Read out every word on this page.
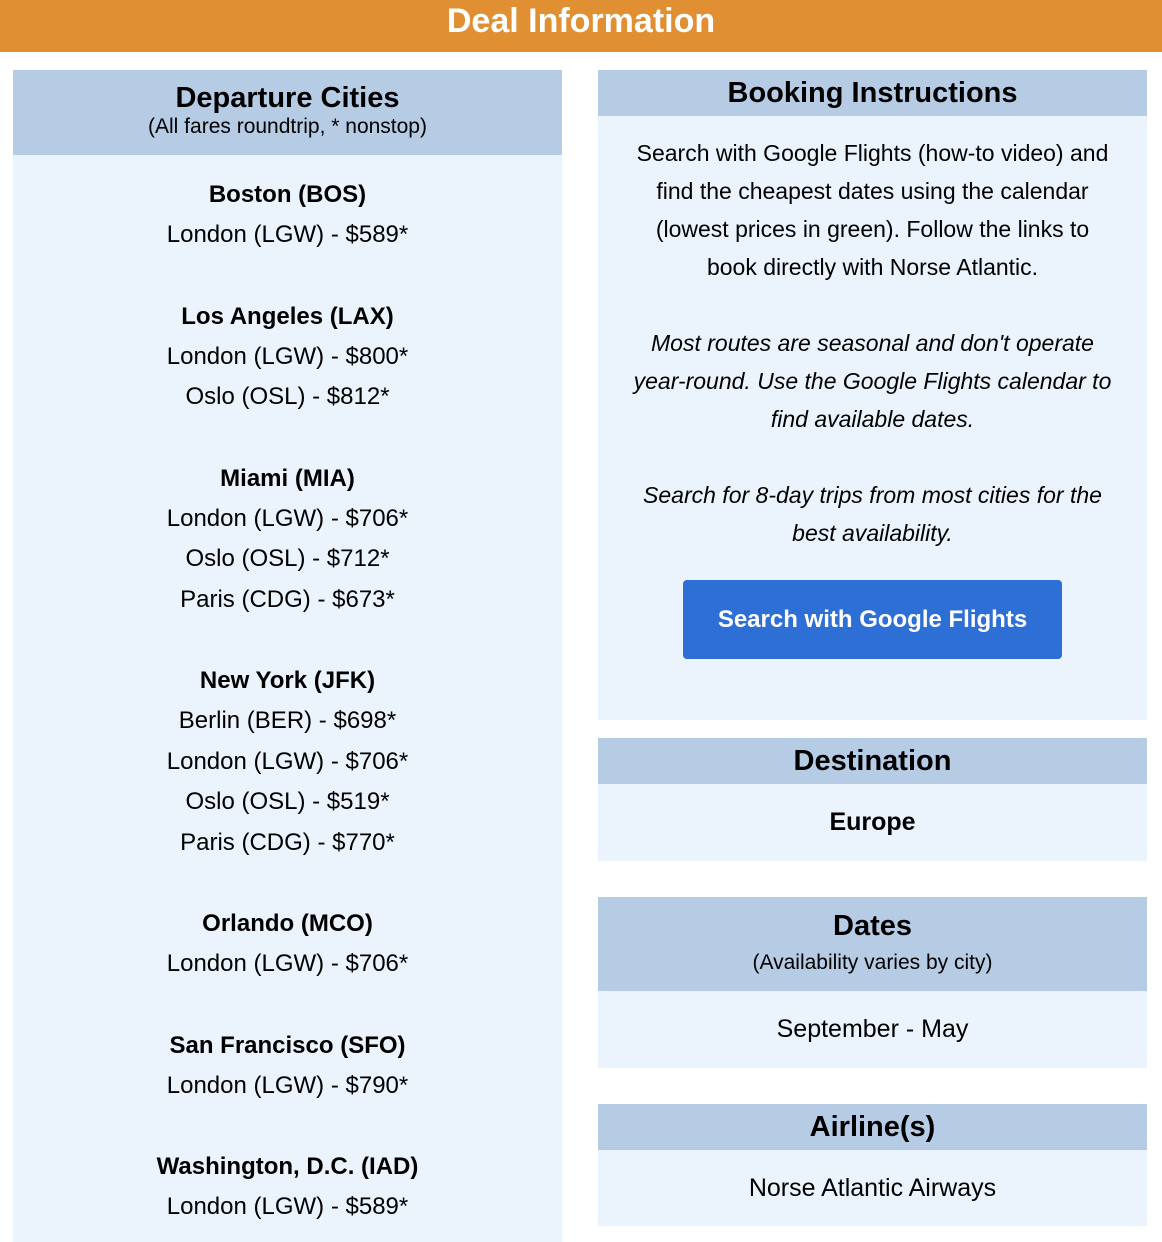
Deal Information
Departure Cities
(All fares roundtrip, * nonstop)
Boston (BOS)
London (LGW) - $589*
Los Angeles (LAX)
London (LGW) - $800*
Oslo (OSL) - $812*
Miami (MIA)
London (LGW) - $706*
Oslo (OSL) - $712*
Paris (CDG) - $673*
New York (JFK)
Berlin (BER) - $698*
London (LGW) - $706*
Oslo (OSL) - $519*
Paris (CDG) - $770*
Orlando (MCO)
London (LGW) - $706*
San Francisco (SFO)
London (LGW) - $790*
Washington, D.C. (IAD)
London (LGW) - $589*
Booking Instructions

Search with Google Flights (how-to video) and find the cheapest dates using the calendar (lowest prices in green). Follow the links to book directly with Norse Atlantic.

Most routes are seasonal and don't operate year-round. Use the Google Flights calendar to find available dates.

Search for 8-day trips from most cities for the best availability.

Search with Google Flights
Destination
Europe
Dates
(Availability varies by city)
September - May
Airline(s)
Norse Atlantic Airways
